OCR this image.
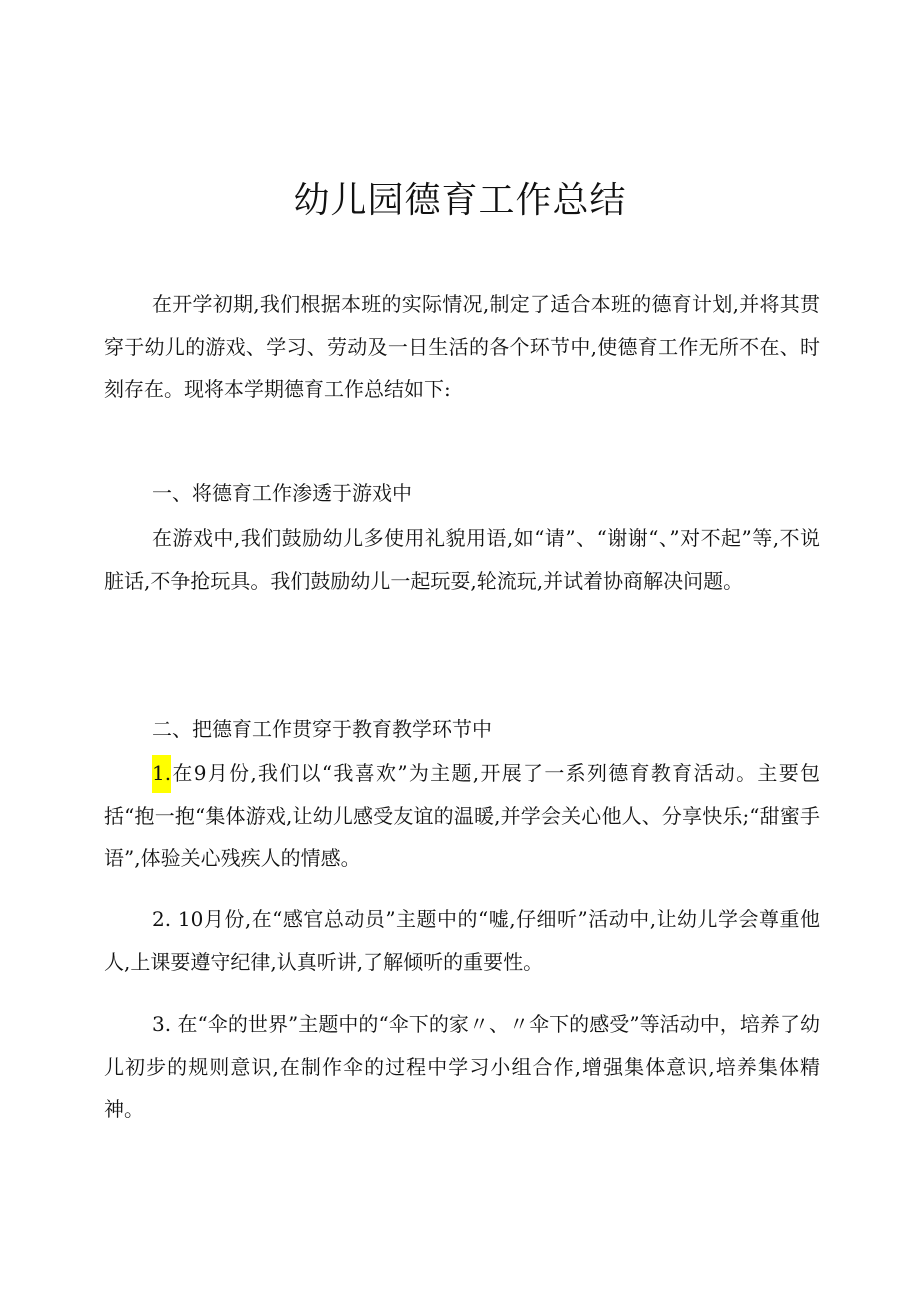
幼儿园德育工作总结

在开学初期,我们根据本班的实际情况,制定了适合本班的德育计划,并将其贯穿于幼儿的游戏、学习、劳动及一日生活的各个环节中,使德育工作无所不在、时刻存在。现将本学期德育工作总结如下:

一、将德育工作渗透于游戏中

在游戏中,我们鼓励幼儿多使用礼貌用语,如“请”、“谢谢“、”对不起”等,不说脏话,不争抢玩具。我们鼓励幼儿一起玩耍,轮流玩,并试着协商解决问题。

二、把德育工作贯穿于教育教学环节中

1.在9月份,我们以“我喜欢”为主题,开展了一系列德育教育活动。主要包括“抱一抱“集体游戏,让幼儿感受友谊的温暖,并学会关心他人、分享快乐;“甜蜜手语”,体验关心残疾人的情感。

2. 10月份,在“感官总动员”主题中的“嘘,仔细听”活动中,让幼儿学会尊重他人,上课要遵守纪律,认真听讲,了解倾听的重要性。

3. 在“伞的世界”主题中的“伞下的家〃、〃伞下的感受”等活动中，培养了幼儿初步的规则意识,在制作伞的过程中学习小组合作,增强集体意识,培养集体精神。
